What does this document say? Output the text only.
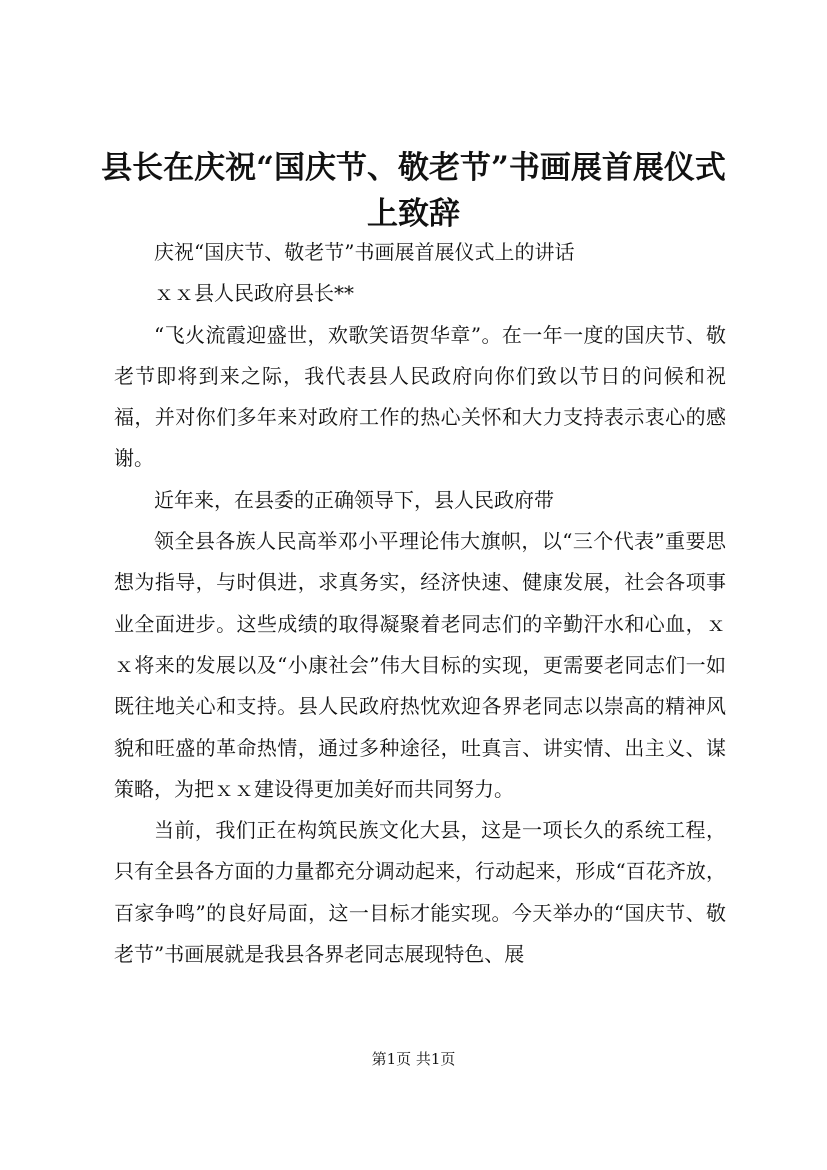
县长在庆祝“国庆节、敬老节”书画展首展仪式上致辞

庆祝“国庆节、敬老节”书画展首展仪式上的讲话

ｘｘ县人民政府县长**

“飞火流霞迎盛世，欢歌笑语贺华章”。在一年一度的国庆节、敬老节即将到来之际，我代表县人民政府向你们致以节日的问候和祝福，并对你们多年来对政府工作的热心关怀和大力支持表示衷心的感谢。

近年来，在县委的正确领导下，县人民政府带

领全县各族人民高举邓小平理论伟大旗帜，以“三个代表”重要思想为指导，与时俱进，求真务实，经济快速、健康发展，社会各项事业全面进步。这些成绩的取得凝聚着老同志们的辛勤汗水和心血，ｘｘ将来的发展以及“小康社会”伟大目标的实现，更需要老同志们一如既往地关心和支持。县人民政府热忱欢迎各界老同志以崇高的精神风貌和旺盛的革命热情，通过多种途径，吐真言、讲实情、出主义、谋策略，为把ｘｘ建设得更加美好而共同努力。

当前，我们正在构筑民族文化大县，这是一项长久的系统工程，只有全县各方面的力量都充分调动起来，行动起来，形成“百花齐放，百家争鸣”的良好局面，这一目标才能实现。今天举办的“国庆节、敬老节”书画展就是我县各界老同志展现特色、展

第1页 共1页
